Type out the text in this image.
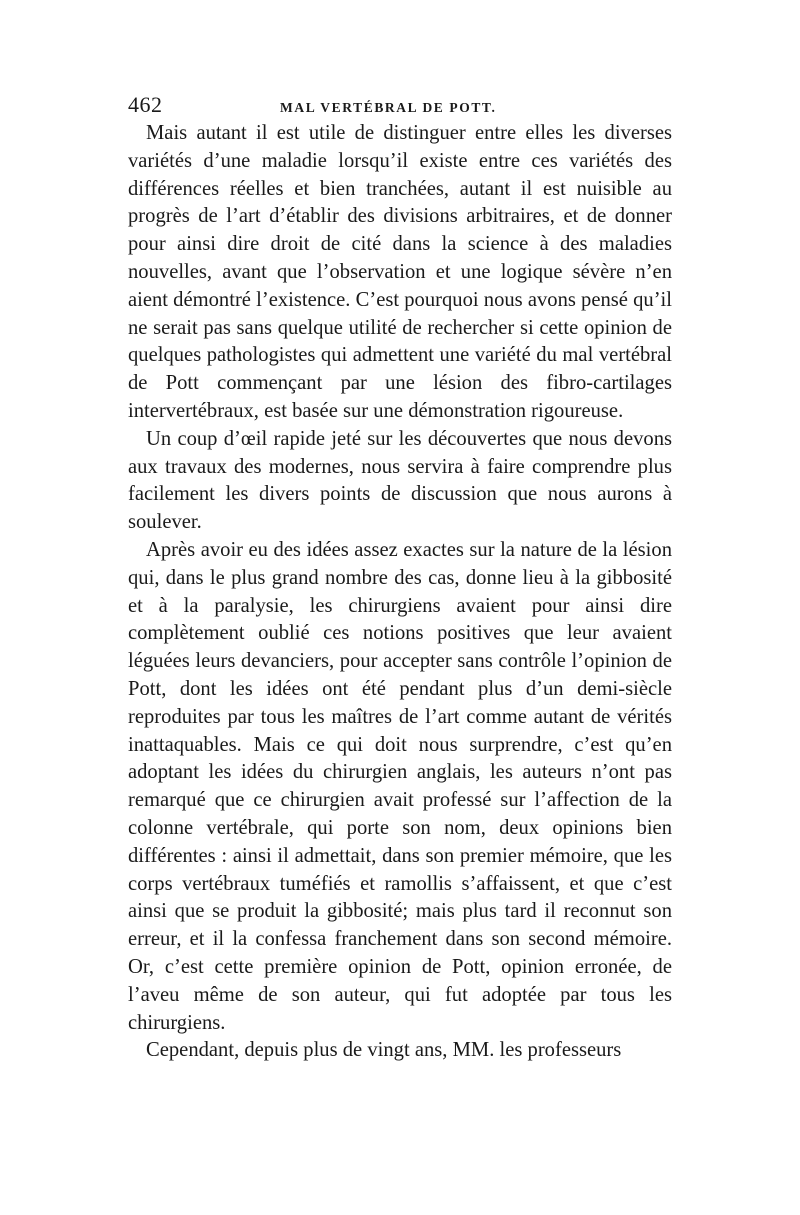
462	MAL VERTÉBRAL DE POTT.

Mais autant il est utile de distinguer entre elles les diverses variétés d’une maladie lorsqu’il existe entre ces variétés des différences réelles et bien tranchées, autant il est nuisible au progrès de l’art d’établir des divisions arbitraires, et de donner pour ainsi dire droit de cité dans la science à des maladies nouvelles, avant que l’observation et une logique sévère n’en aient démontré l’existence. C’est pourquoi nous avons pensé qu’il ne serait pas sans quelque utilité de rechercher si cette opinion de quelques pathologistes qui admettent une variété du mal vertébral de Pott commençant par une lésion des fibro-cartilages intervertébraux, est basée sur une démonstration rigoureuse.

Un coup d’œil rapide jeté sur les découvertes que nous devons aux travaux des modernes, nous servira à faire comprendre plus facilement les divers points de discussion que nous aurons à soulever.

Après avoir eu des idées assez exactes sur la nature de la lésion qui, dans le plus grand nombre des cas, donne lieu à la gibbosité et à la paralysie, les chirurgiens avaient pour ainsi dire complètement oublié ces notions positives que leur avaient léguées leurs devanciers, pour accepter sans contrôle l’opinion de Pott, dont les idées ont été pendant plus d’un demi-siècle reproduites par tous les maîtres de l’art comme autant de vérités inattaquables. Mais ce qui doit nous surprendre, c’est qu’en adoptant les idées du chirurgien anglais, les auteurs n’ont pas remarqué que ce chirurgien avait professé sur l’affection de la colonne vertébrale, qui porte son nom, deux opinions bien différentes : ainsi il admettait, dans son premier mémoire, que les corps vertébraux tuméfiés et ramollis s’affaissent, et que c’est ainsi que se produit la gibbosité; mais plus tard il reconnut son erreur, et il la confessa franchement dans son second mémoire. Or, c’est cette première opinion de Pott, opinion erronée, de l’aveu même de son auteur, qui fut adoptée par tous les chirurgiens.

Cependant, depuis plus de vingt ans, MM. les professeurs
